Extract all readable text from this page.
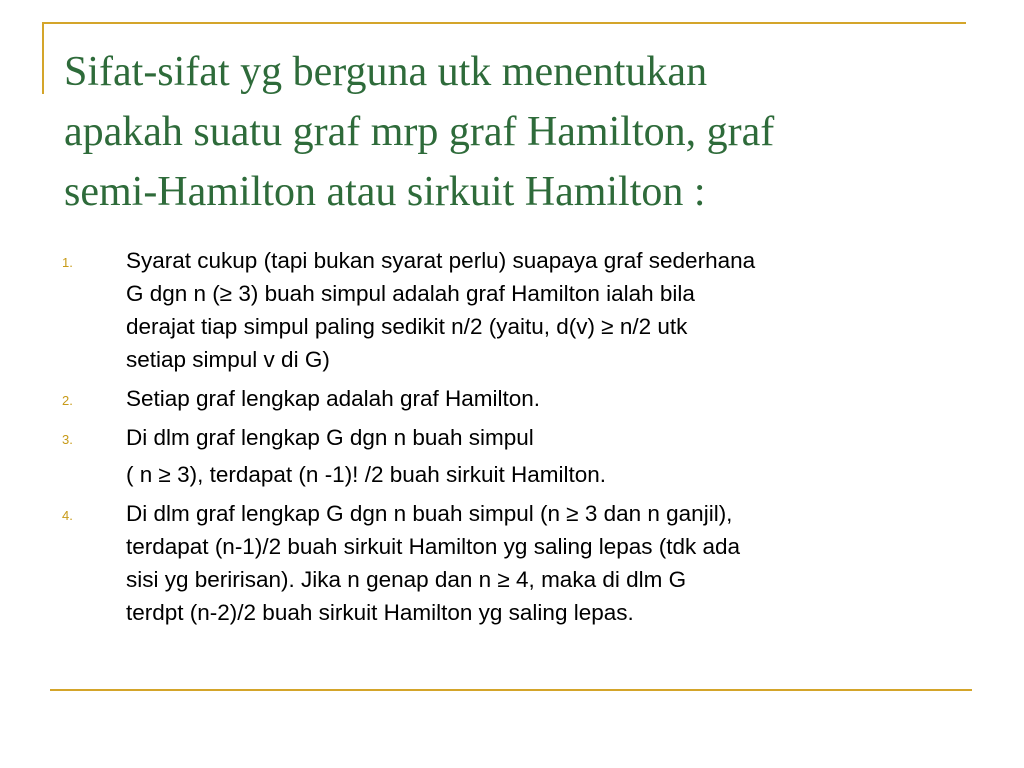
Sifat-sifat yg berguna utk menentukan
apakah suatu graf mrp graf Hamilton, graf
semi-Hamilton atau sirkuit Hamilton :
1. Syarat cukup (tapi bukan syarat perlu) suapaya graf sederhana
G dgn n (≥ 3) buah simpul adalah graf Hamilton ialah bila
derajat tiap simpul paling sedikit n/2 (yaitu, d(v) ≥ n/2 utk
setiap simpul v di G)
2. Setiap graf lengkap adalah graf Hamilton.
3. Di dlm graf lengkap G dgn n buah simpul
( n ≥ 3), terdapat (n -1)! /2 buah sirkuit Hamilton.
4. Di dlm graf lengkap G dgn n buah simpul (n ≥ 3 dan n ganjil),
terdapat (n-1)/2 buah sirkuit Hamilton yg saling lepas (tdk ada
sisi yg beririsan). Jika n genap dan n ≥ 4, maka di dlm G
terdpt (n-2)/2 buah sirkuit Hamilton yg saling lepas.
